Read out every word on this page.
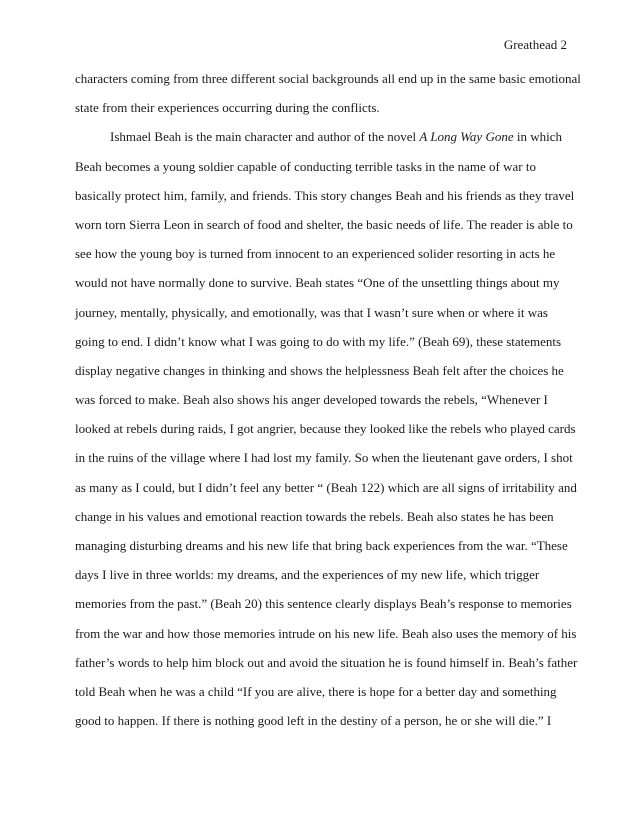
Greathead 2
characters coming from three different social backgrounds all end up in the same basic emotional
state from their experiences occurring during the conflicts.
Ishmael Beah is the main character and author of the novel A Long Way Gone in which
Beah becomes a young soldier capable of conducting terrible tasks in the name of war to
basically protect him, family, and friends. This story changes Beah and his friends as they travel
worn torn Sierra Leon in search of food and shelter, the basic needs of life. The reader is able to
see how the young boy is turned from innocent to an experienced solider resorting in acts he
would not have normally done to survive. Beah states “One of the unsettling things about my
journey, mentally, physically, and emotionally, was that I wasn’t sure when or where it was
going to end. I didn’t know what I was going to do with my life.” (Beah 69), these statements
display negative changes in thinking and shows the helplessness Beah felt after the choices he
was forced to make. Beah also shows his anger developed towards the rebels, “Whenever I
looked at rebels during raids, I got angrier, because they looked like the rebels who played cards
in the ruins of the village where I had lost my family. So when the lieutenant gave orders, I shot
as many as I could, but I didn’t feel any better “ (Beah 122) which are all signs of irritability and
change in his values and emotional reaction towards the rebels. Beah also states he has been
managing disturbing dreams and his new life that bring back experiences from the war. “These
days I live in three worlds: my dreams, and the experiences of my new life, which trigger
memories from the past.” (Beah 20) this sentence clearly displays Beah’s response to memories
from the war and how those memories intrude on his new life. Beah also uses the memory of his
father’s words to help him block out and avoid the situation he is found himself in. Beah’s father
told Beah when he was a child “If you are alive, there is hope for a better day and something
good to happen. If there is nothing good left in the destiny of a person, he or she will die.” I
